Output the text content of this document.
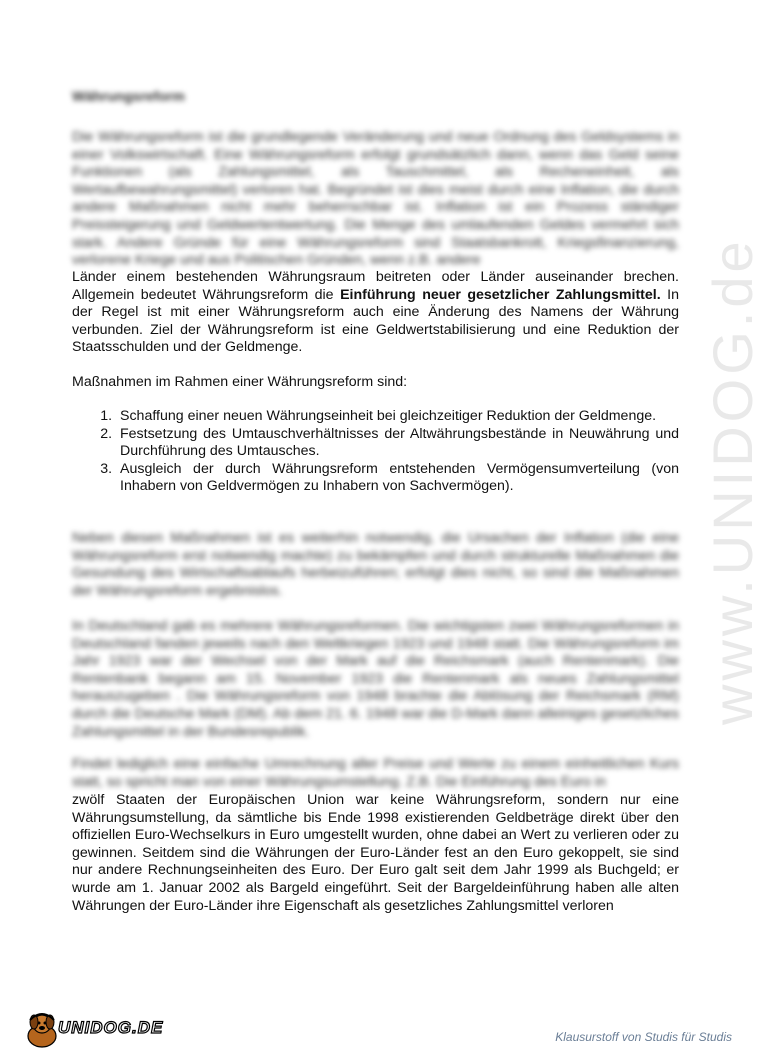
www.UNIDOG.de
Währungsreform
Die Währungsreform ist die grundlegende Veränderung und neue Ordnung des Geldsystems in einer Volkswirtschaft. Eine Währungsreform erfolgt grundsätzlich dann, wenn das Geld seine Funktionen (als Zahlungsmittel, als Tauschmittel, als Recheneinheit, als Wertaufbewahrungsmittel) verloren hat. Begründet ist dies meist durch eine Inflation, die durch andere Maßnahmen nicht mehr beherrschbar ist. Inflation ist ein Prozess ständiger Preissteigerung und Geldwertentwertung. Die Menge des umlaufenden Geldes vermehrt sich stark. Andere Gründe für eine Währungsreform sind Staatsbankrott, Kriegsfinanzierung, verlorene Kriege und aus Politischen Gründen, wenn z.B. andere
Länder einem bestehenden Währungsraum beitreten oder Länder auseinander brechen. Allgemein bedeutet Währungsreform die Einführung neuer gesetzlicher Zahlungsmittel. In der Regel ist mit einer Währungsreform auch eine Änderung des Namens der Währung verbunden. Ziel der Währungsreform ist eine Geldwertstabilisierung und eine Reduktion der Staatsschulden und der Geldmenge.
Maßnahmen im Rahmen einer Währungsreform sind:
1. Schaffung einer neuen Währungseinheit bei gleichzeitiger Reduktion der Geldmenge.
2. Festsetzung des Umtauschverhältnisses der Altwährungsbestände in Neuwährung und Durchführung des Umtausches.
3. Ausgleich der durch Währungsreform entstehenden Vermögensumverteilung (von Inhabern von Geldvermögen zu Inhabern von Sachvermögen).
Neben diesen Maßnahmen ist es weiterhin notwendig, die Ursachen der Inflation (die eine Währungsreform erst notwendig machte) zu bekämpfen und durch strukturelle Maßnahmen die Gesundung des Wirtschaftsablaufs herbeizuführen; erfolgt dies nicht, so sind die Maßnahmen der Währungsreform ergebnislos.
In Deutschland gab es mehrere Währungsreformen. Die wichtigsten zwei Währungsreformen in Deutschland fanden jeweils nach den Weltkriegen 1923 und 1948 statt. Die Währungsreform im Jahr 1923 war der Wechsel von der Mark auf die Reichsmark (auch Rentenmark). Die Rentenbank begann am 15. November 1923 die Rentenmark als neues Zahlungsmittel herauszugeben . Die Währungsreform von 1948 brachte die Ablösung der Reichsmark (RM) durch die Deutsche Mark (DM). Ab dem 21. 6. 1948 war die D-Mark dann alleiniges gesetzliches Zahlungsmittel in der Bundesrepublik.
Findet lediglich eine einfache Umrechnung aller Preise und Werte zu einem einheitlichen Kurs statt, so spricht man von einer Währungsumstellung. Z.B. Die Einführung des Euro in
zwölf Staaten der Europäischen Union war keine Währungsreform, sondern nur eine Währungsumstellung, da sämtliche bis Ende 1998 existierenden Geldbeträge direkt über den offiziellen Euro-Wechselkurs in Euro umgestellt wurden, ohne dabei an Wert zu verlieren oder zu gewinnen. Seitdem sind die Währungen der Euro-Länder fest an den Euro gekoppelt, sie sind nur andere Rechnungseinheiten des Euro. Der Euro galt seit dem Jahr 1999 als Buchgeld; er wurde am 1. Januar 2002 als Bargeld eingeführt. Seit der Bargeldeinführung haben alle alten Währungen der Euro-Länder ihre Eigenschaft als gesetzliches Zahlungsmittel verloren
UNIDOG.DE	Klausurstoff von Studis für Studis
